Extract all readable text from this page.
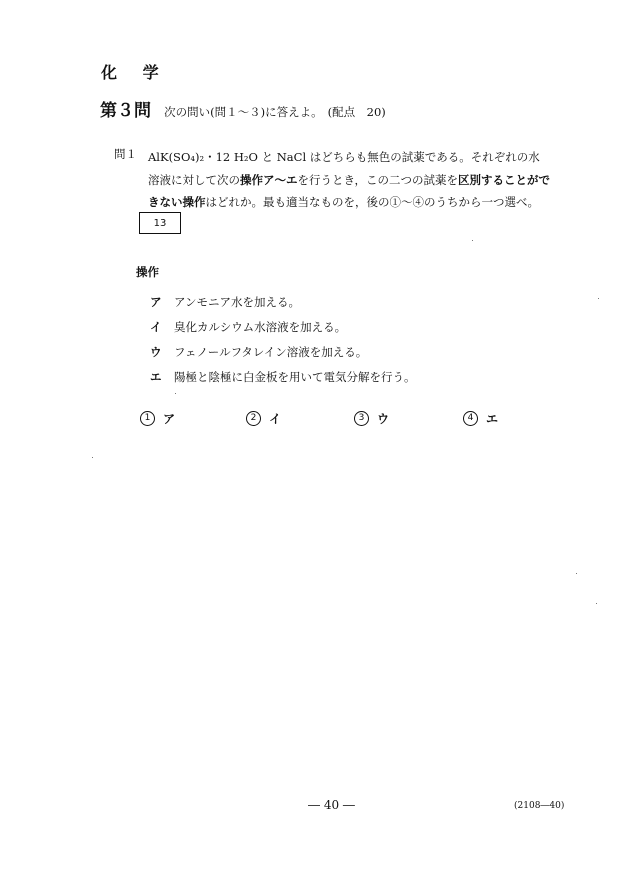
化 学
第３問 次の問い(問１～３)に答えよ。 (配点　20)
問１ AlK(SO₄)₂・12 H₂O と NaCl はどちらも無色の試薬である。それぞれの水
溶液に対して次の操作ア～エを行うとき，この二つの試薬を区別することがで
きない操作はどれか。最も適当なものを，後の①～④のうちから一つ選べ。
13
操作
ア	アンモニア水を加える。
イ	臭化カルシウム水溶液を加える。
ウ	フェノールフタレイン溶液を加える。
エ	陽極と陰極に白金板を用いて電気分解を行う。
1	ア	2	イ	3	ウ	4	エ
― 40 ―	(2108―40)
